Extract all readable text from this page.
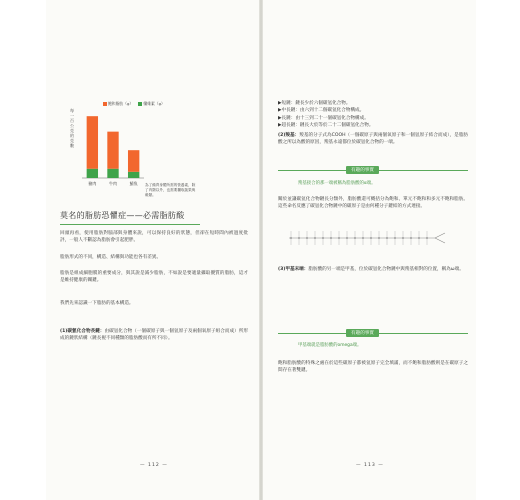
每一百公克的克數
飽和脂肪（g）	纖維素（g）
豬肉	牛肉	鯖魚 為了備齊身體所需的營養素，除了肉類以外，也需要攝取蔬果與穀類。
莫名的脂肪恐懼症——必需脂肪酸
回頭再看，使用脂肪對腦部與身體來說，可以保持良好的狀態，但卻在短時間內被過度批評，一般人不斷認為脂肪會引起肥胖。
脂肪形式的不同，構造、結構與功能也各有差異。
脂肪是組成細胞膜的重要成分，與其說是減少脂肪，不如說是要適量攝取優質的脂肪，這才是維持健康的關鍵。
我們先來認識一下脂肪的基本構造。
(1)碳氫化合物長鏈：由碳氫化合物（一個碳原子與一個氫原子及兩個氧原子組合而成）所形成的鏈狀結構（鏈長視不同種類的脂肪酸而有所不同）。
— 112 —
▶短鏈：鏈長少於六個碳氫化合物。
▶中長鏈：由六到十二個碳氫化合物構成。
▶長鏈：由十三到二十一個碳氫化合物構成。
▶超長鏈：鏈長大於等於二十二個碳氫化合物。
(2)羧基：羧基的分子式為COOH（一個碳原子與兩個氧原子和一個氫原子結合而成），是脂肪酸之所以為酸的原因，羧基永遠都位於碳氫化合物的一端。
有趣的事實
羧基接合的那一端被稱為脂肪酸的α端。
關於並讓碳氫化合物鏈長分類外，脂肪酸還可概括分為飽和、單元不飽和和多元不飽和脂肪。這些命名反應了碳氫化合物鏈中的碳原子是由何種分子鍵結的方式連接。
(3)甲基末端：脂肪酸的另一端是甲基，位於碳氫化合物鏈中與羧基相對的位置，稱為ω端。
有趣的事實
甲基端就是脂肪酸的omega端。
飽和脂肪酸的特殊之處在於這些碳原子都被氫原子完全填滿，而不飽和脂肪酸則是在碳原子之間存在著雙鍵。
— 113 —
